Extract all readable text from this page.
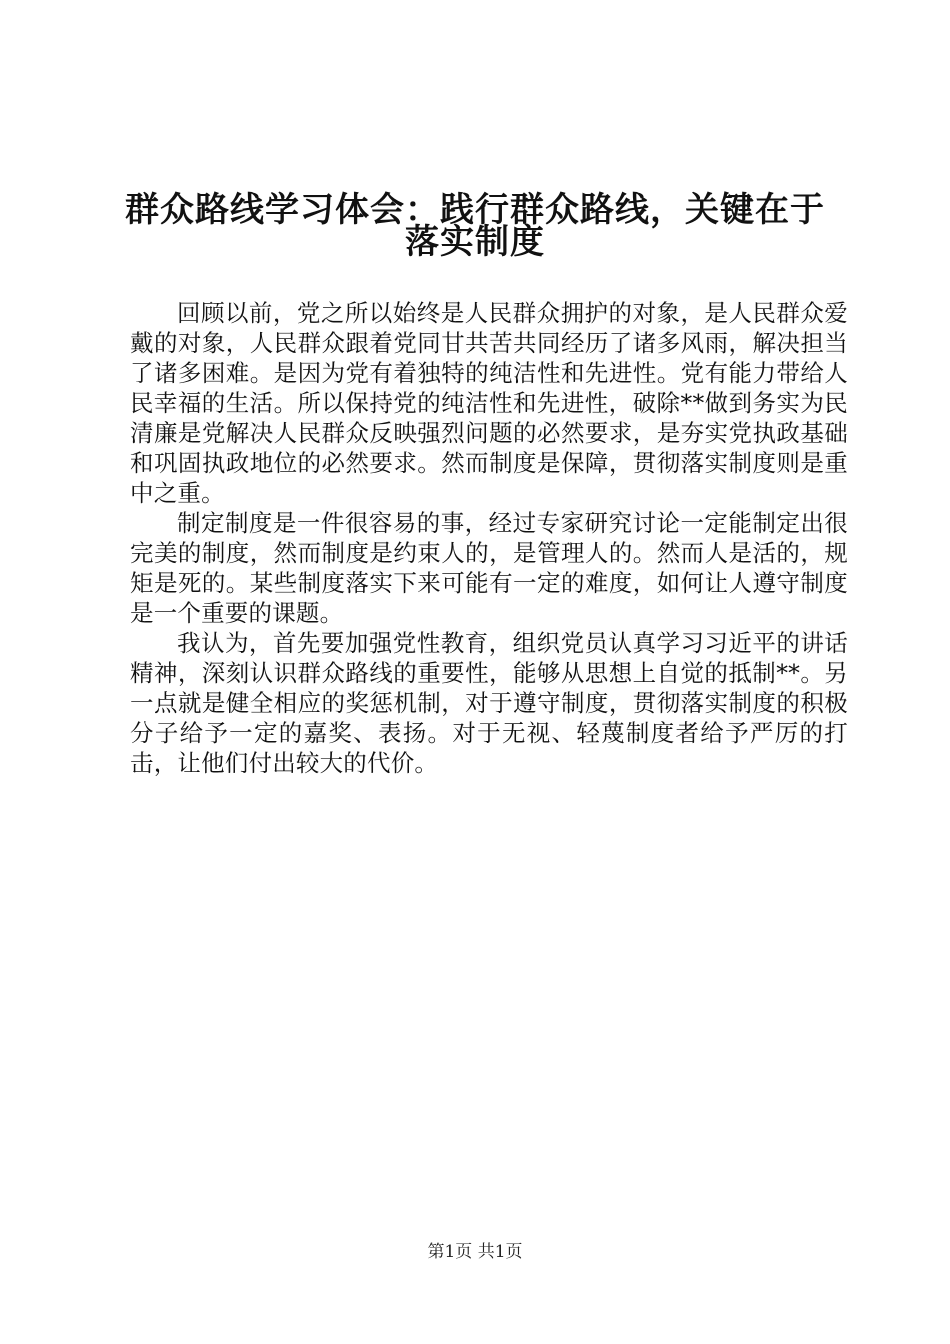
群众路线学习体会：践行群众路线，关键在于
落实制度

回顾以前，党之所以始终是人民群众拥护的对象，是人民群众爱戴的对象，人民群众跟着党同甘共苦共同经历了诸多风雨，解决担当了诸多困难。是因为党有着独特的纯洁性和先进性。党有能力带给人民幸福的生活。所以保持党的纯洁性和先进性，破除**做到务实为民清廉是党解决人民群众反映强烈问题的必然要求，是夯实党执政基础和巩固执政地位的必然要求。然而制度是保障，贯彻落实制度则是重中之重。

制定制度是一件很容易的事，经过专家研究讨论一定能制定出很完美的制度，然而制度是约束人的，是管理人的。然而人是活的，规矩是死的。某些制度落实下来可能有一定的难度，如何让人遵守制度是一个重要的课题。

我认为，首先要加强党性教育，组织党员认真学习习近平的讲话精神，深刻认识群众路线的重要性，能够从思想上自觉的抵制**。另一点就是健全相应的奖惩机制，对于遵守制度，贯彻落实制度的积极分子给予一定的嘉奖、表扬。对于无视、轻蔑制度者给予严厉的打击，让他们付出较大的代价。

第1页 共1页
